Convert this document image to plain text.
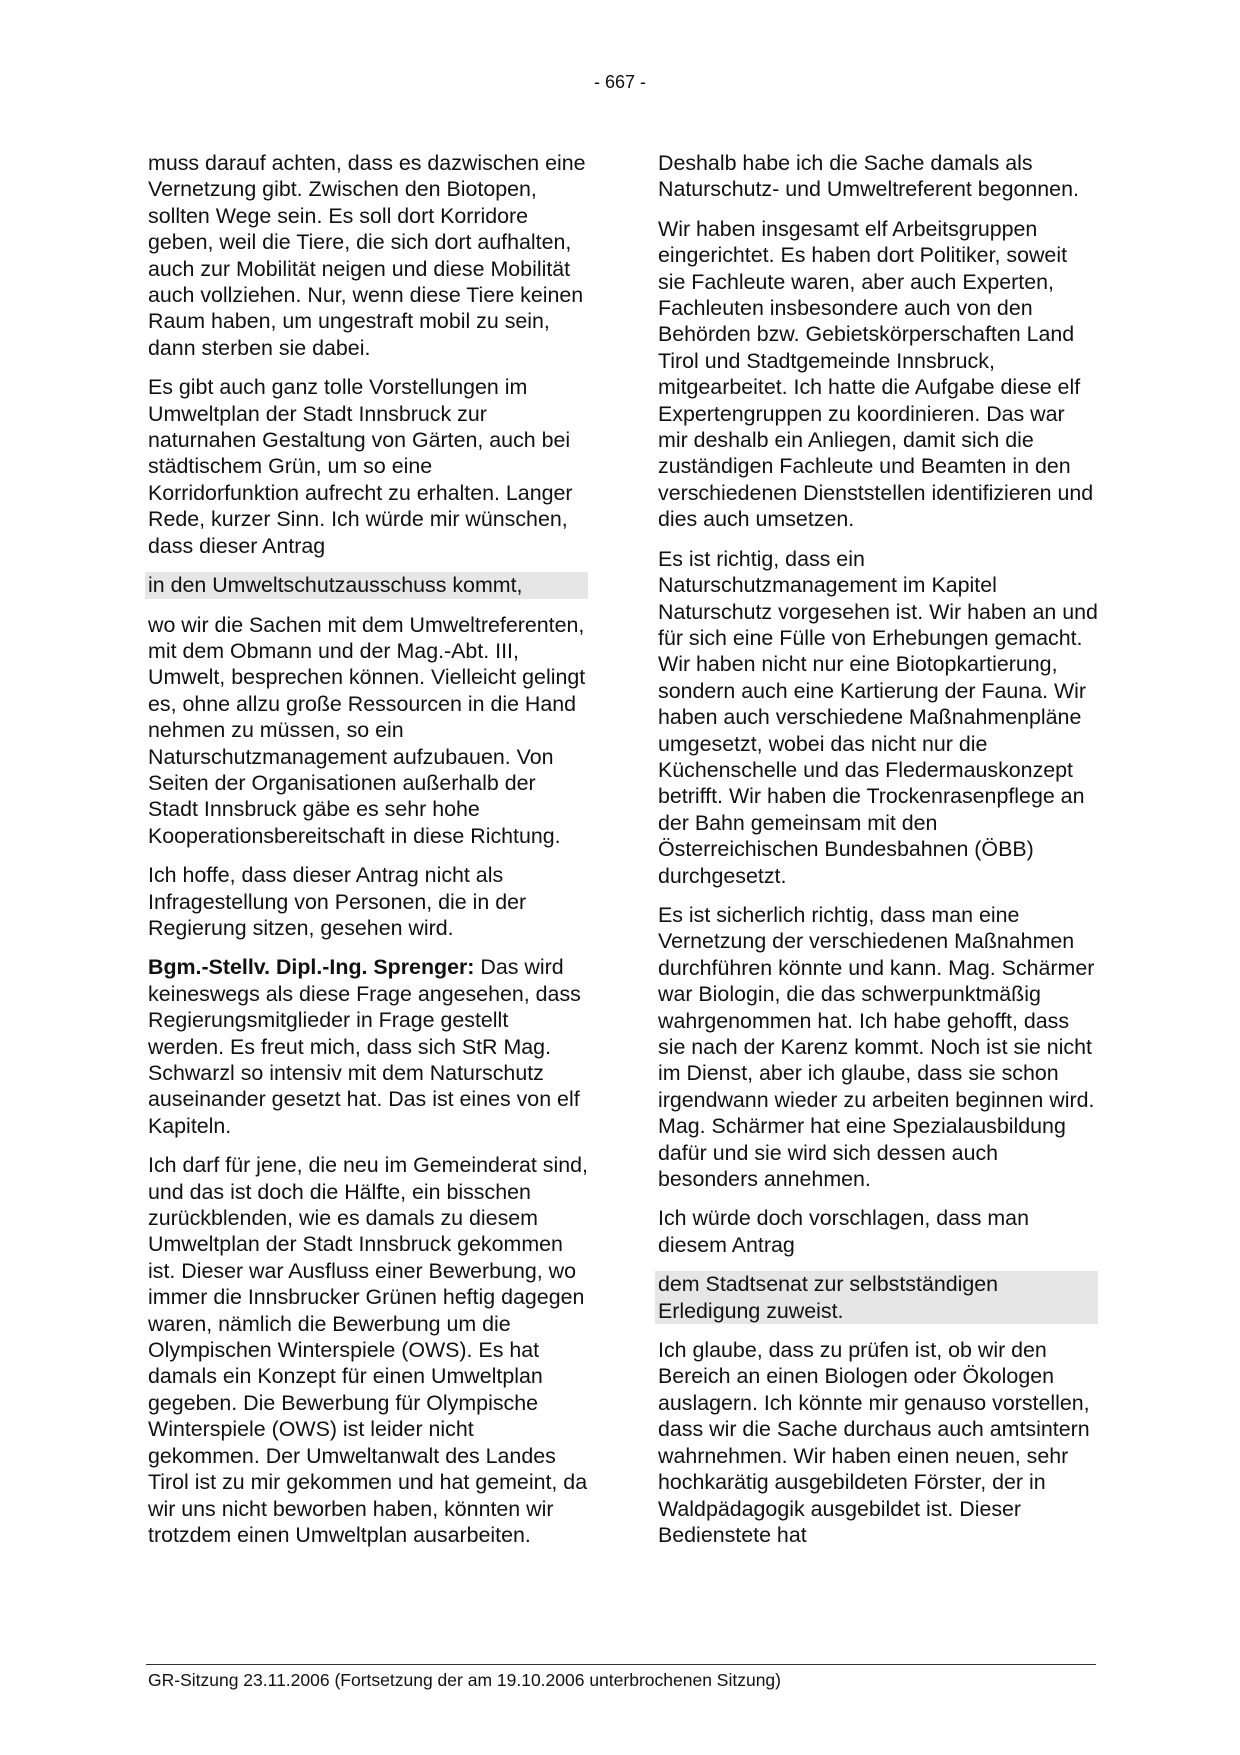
- 667 -

muss darauf achten, dass es dazwischen eine Vernetzung gibt. Zwischen den Biotopen, sollten Wege sein. Es soll dort Korridore geben, weil die Tiere, die sich dort aufhalten, auch zur Mobilität neigen und diese Mobilität auch vollziehen. Nur, wenn diese Tiere keinen Raum haben, um ungestraft mobil zu sein, dann sterben sie dabei.

Es gibt auch ganz tolle Vorstellungen im Umweltplan der Stadt Innsbruck zur naturnahen Gestaltung von Gärten, auch bei städtischem Grün, um so eine Korridorfunktion aufrecht zu erhalten. Langer Rede, kurzer Sinn. Ich würde mir wünschen, dass dieser Antrag

in den Umweltschutzausschuss kommt,

wo wir die Sachen mit dem Umweltreferenten, mit dem Obmann und der Mag.-Abt. III, Umwelt, besprechen können. Vielleicht gelingt es, ohne allzu große Ressourcen in die Hand nehmen zu müssen, so ein Naturschutzmanagement aufzubauen. Von Seiten der Organisationen außerhalb der Stadt Innsbruck gäbe es sehr hohe Kooperationsbereitschaft in diese Richtung.

Ich hoffe, dass dieser Antrag nicht als Infragestellung von Personen, die in der Regierung sitzen, gesehen wird.

Bgm.-Stellv. Dipl.-Ing. Sprenger: Das wird keineswegs als diese Frage angesehen, dass Regierungsmitglieder in Frage gestellt werden. Es freut mich, dass sich StR Mag. Schwarzl so intensiv mit dem Naturschutz auseinander gesetzt hat. Das ist eines von elf Kapiteln.

Ich darf für jene, die neu im Gemeinderat sind, und das ist doch die Hälfte, ein bisschen zurückblenden, wie es damals zu diesem Umweltplan der Stadt Innsbruck gekommen ist. Dieser war Ausfluss einer Bewerbung, wo immer die Innsbrucker Grünen heftig dagegen waren, nämlich die Bewerbung um die Olympischen Winterspiele (OWS). Es hat damals ein Konzept für einen Umweltplan gegeben. Die Bewerbung für Olympische Winterspiele (OWS) ist leider nicht gekommen. Der Umweltanwalt des Landes Tirol ist zu mir gekommen und hat gemeint, da wir uns nicht beworben haben, könnten wir trotzdem einen Umweltplan ausarbeiten.

Deshalb habe ich die Sache damals als Naturschutz- und Umweltreferent begonnen.

Wir haben insgesamt elf Arbeitsgruppen eingerichtet. Es haben dort Politiker, soweit sie Fachleute waren, aber auch Experten, Fachleuten insbesondere auch von den Behörden bzw. Gebietskörperschaften Land Tirol und Stadtgemeinde Innsbruck, mitgearbeitet. Ich hatte die Aufgabe diese elf Expertengruppen zu koordinieren. Das war mir deshalb ein Anliegen, damit sich die zuständigen Fachleute und Beamten in den verschiedenen Dienststellen identifizieren und dies auch umsetzen.

Es ist richtig, dass ein Naturschutzmanagement im Kapitel Naturschutz vorgesehen ist. Wir haben an und für sich eine Fülle von Erhebungen gemacht. Wir haben nicht nur eine Biotopkartierung, sondern auch eine Kartierung der Fauna. Wir haben auch verschiedene Maßnahmenpläne umgesetzt, wobei das nicht nur die Küchenschelle und das Fledermauskonzept betrifft. Wir haben die Trockenrasenpflege an der Bahn gemeinsam mit den Österreichischen Bundesbahnen (ÖBB) durchgesetzt.

Es ist sicherlich richtig, dass man eine Vernetzung der verschiedenen Maßnahmen durchführen könnte und kann. Mag. Schärmer war Biologin, die das schwerpunktmäßig wahrgenommen hat. Ich habe gehofft, dass sie nach der Karenz kommt. Noch ist sie nicht im Dienst, aber ich glaube, dass sie schon irgendwann wieder zu arbeiten beginnen wird. Mag. Schärmer hat eine Spezialausbildung dafür und sie wird sich dessen auch besonders annehmen.

Ich würde doch vorschlagen, dass man diesem Antrag

dem Stadtsenat zur selbstständigen Erledigung zuweist.

Ich glaube, dass zu prüfen ist, ob wir den Bereich an einen Biologen oder Ökologen auslagern. Ich könnte mir genauso vorstellen, dass wir die Sache durchaus auch amtsintern wahrnehmen. Wir haben einen neuen, sehr hochkarätig ausgebildeten Förster, der in Waldpädagogik ausgebildet ist. Dieser Bedienstete hat

GR-Sitzung 23.11.2006 (Fortsetzung der am 19.10.2006 unterbrochenen Sitzung)
